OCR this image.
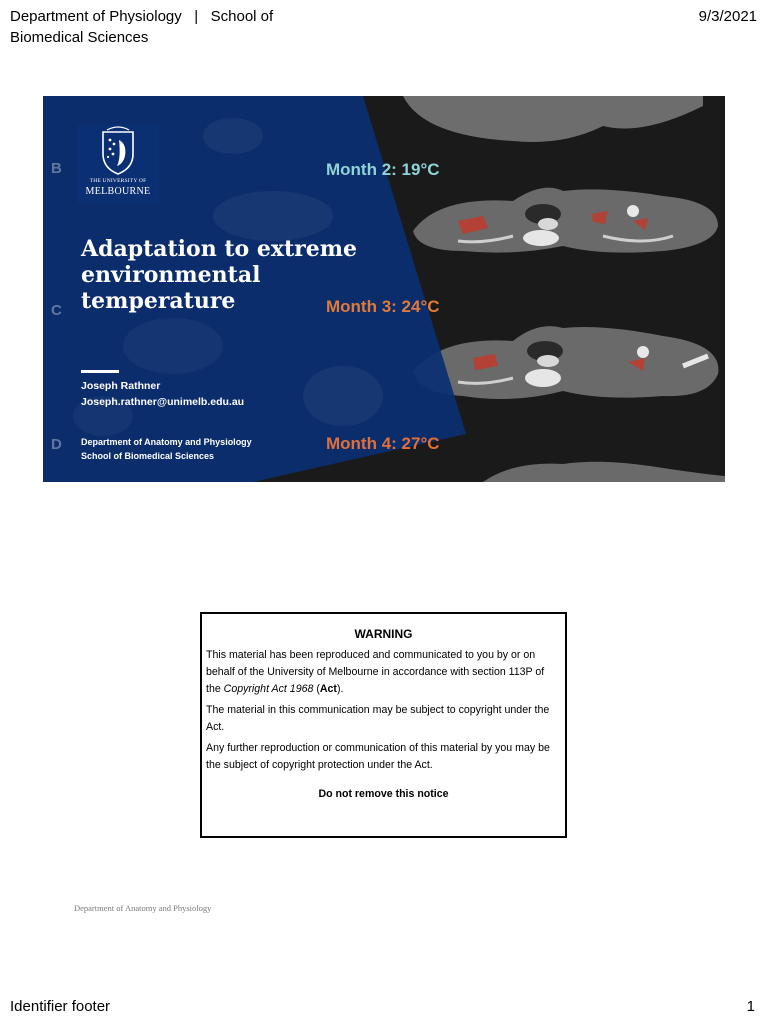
Department of Physiology   |   School of
Biomedical Sciences
9/3/2021
B
C
D
Month 2: 19°C
Month 3: 24°C
Month 4: 27°C
THE UNIVERSITY OF
MELBOURNE
Adaptation to extreme
environmental
temperature
Joseph Rathner
Joseph.rathner@unimelb.edu.au
Department of Anatomy and Physiology
School of Biomedical Sciences
WARNING

This material has been reproduced and communicated to you by or on behalf of the University of Melbourne in accordance with section 113P of the Copyright Act 1968 (Act).

The material in this communication may be subject to copyright under the Act.

Any further reproduction or communication of this material by you may be the subject of copyright protection under the Act.

Do not remove this notice
Department of Anatomy and Physiology
Identifier footer	1
